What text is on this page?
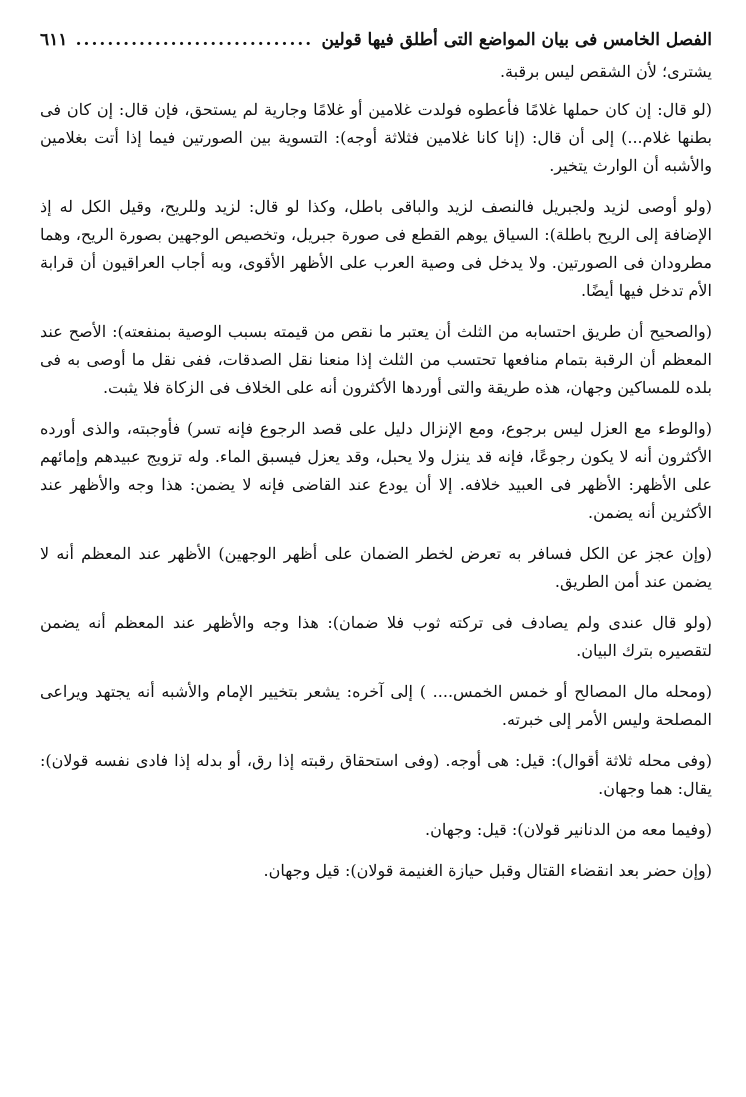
الفصل الخامس فى بيان المواضع التى أطلق فيها قولين
..............................
٦١١

يشترى؛ لأن الشقص ليس برقبة.

(لو قال: إن كان حملها غلامًا فأعطوه فولدت غلامين أو غلامًا وجارية لم يستحق، فإن قال: إن كان فى بطنها غلام...) إلى أن قال: (إنا كانا غلامين فثلاثة أوجه): التسوية بين الصورتين فيما إذا أتت بغلامين والأشبه أن الوارث يتخير.

(ولو أوصى لزيد ولجبريل فالنصف لزيد والباقى باطل، وكذا لو قال: لزيد وللريح، وقيل الكل له إذ الإضافة إلى الريح باطلة): السياق يوهم القطع فى صورة جبريل، وتخصيص الوجهين بصورة الريح، وهما مطرودان فى الصورتين. ولا يدخل فى وصية العرب على الأظهر الأقوى، وبه أجاب العراقيون أن قرابة الأم تدخل فيها أيضًا.

(والصحيح أن طريق احتسابه من الثلث أن يعتبر ما نقص من قيمته بسبب الوصية بمنفعته): الأصح عند المعظم أن الرقبة بتمام منافعها تحتسب من الثلث إذا منعنا نقل الصدقات، ففى نقل ما أوصى به فى بلده للمساكين وجهان، هذه طريقة والتى أوردها الأكثرون أنه على الخلاف فى الزكاة فلا يثبت.

(والوطء مع العزل ليس برجوع، ومع الإنزال دليل على قصد الرجوع فإنه تسر) فأوجبته، والذى أورده الأكثرون أنه لا يكون رجوعًا، فإنه قد ينزل ولا يحبل، وقد يعزل فيسبق الماء. وله تزويج عبيدهم وإمائهم على الأظهر: الأظهر فى العبيد خلافه. إلا أن يودع عند القاضى فإنه لا يضمن: هذا وجه والأظهر عند الأكثرين أنه يضمن.

(وإن عجز عن الكل فسافر به تعرض لخطر الضمان على أظهر الوجهين) الأظهر عند المعظم أنه لا يضمن عند أمن الطريق.

(ولو قال عندى ولم يصادف فى تركته ثوب فلا ضمان): هذا وجه والأظهر عند المعظم أنه يضمن لتقصيره بترك البيان.

(ومحله مال المصالح أو خمس الخمس.... ) إلى آخره: يشعر بتخيير الإمام والأشبه أنه يجتهد ويراعى المصلحة وليس الأمر إلى خبرته.

(وفى محله ثلاثة أقوال): قيل: هى أوجه. (وفى استحقاق رقبته إذا رق، أو بدله إذا فادى نفسه قولان): يقال: هما وجهان.

(وفيما معه من الدنانير قولان): قيل: وجهان.

(وإن حضر بعد انقضاء القتال وقبل حيازة الغنيمة قولان): قيل وجهان.
